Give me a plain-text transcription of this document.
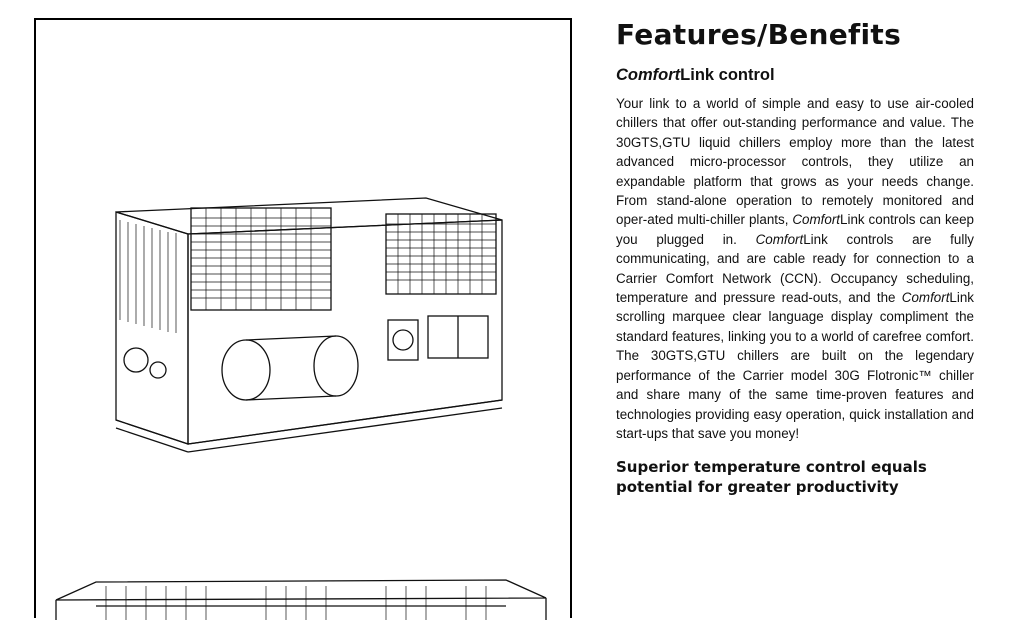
Features/Benefits
ComfortLink control

Your link to a world of simple and easy to use air-cooled chillers that offer out-standing performance and value. The 30GTS,GTU liquid chillers employ more than the latest advanced micro-processor controls, they utilize an expandable platform that grows as your needs change. From stand-alone operation to remotely monitored and oper-ated multi-chiller plants, ComfortLink controls can keep you plugged in. ComfortLink controls are fully communicating, and are cable ready for connection to a Carrier Comfort Network (CCN). Occupancy scheduling, temperature and pressure read-outs, and the ComfortLink scrolling marquee clear language display compliment the standard features, linking you to a world of carefree comfort. The 30GTS,GTU chillers are built on the legendary performance of the Carrier model 30G Flotronic™ chiller and share many of the same time-proven features and technologies providing easy operation, quick installation and start-ups that save you money!

Superior temperature control equals potential for greater productivity
